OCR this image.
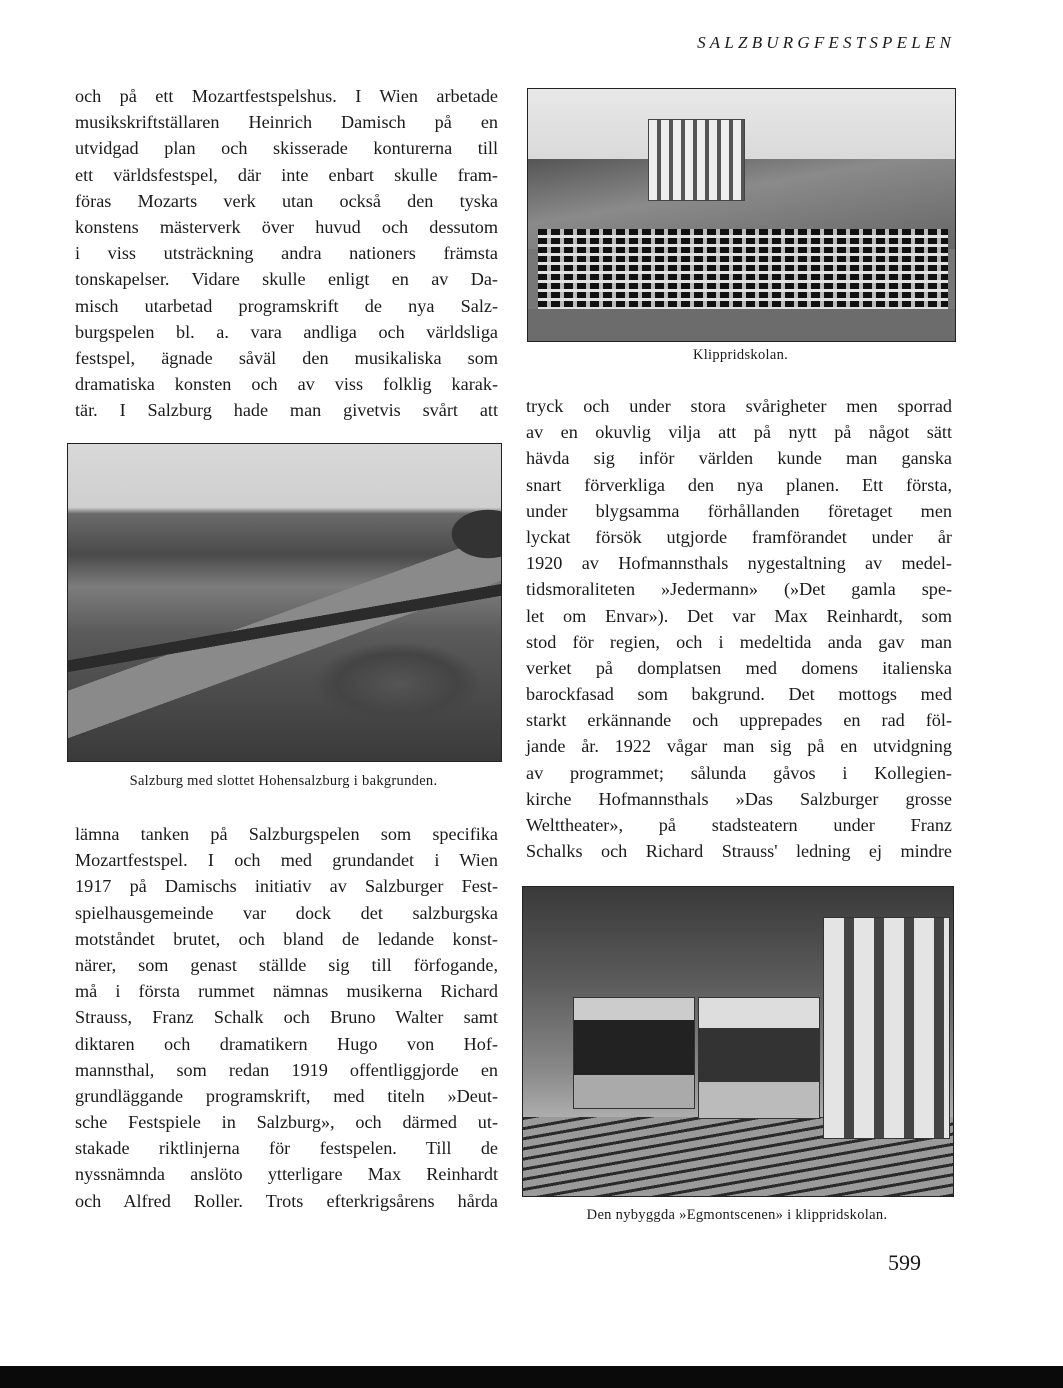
SALZBURGFESTSPELEN
och på ett Mozartfestspelshus. I Wien arbetade
musikskriftställaren Heinrich Damisch på en
utvidgad plan och skisserade konturerna till
ett världsfestspel, där inte enbart skulle fram-
föras Mozarts verk utan också den tyska
konstens mästerverk över huvud och dessutom
i viss utsträckning andra nationers främsta
tonskapelser. Vidare skulle enligt en av Da-
misch utarbetad programskrift de nya Salz-
burgspelen bl. a. vara andliga och världsliga
festspel, ägnade såväl den musikaliska som
dramatiska konsten och av viss folklig karak-
tär. I Salzburg hade man givetvis svårt att
Salzburg med slottet Hohensalzburg i bakgrunden.
lämna tanken på Salzburgspelen som specifika
Mozartfestspel. I och med grundandet i Wien
1917 på Damischs initiativ av Salzburger Fest-
spielhausgemeinde var dock det salzburgska
motståndet brutet, och bland de ledande konst-
närer, som genast ställde sig till förfogande,
må i första rummet nämnas musikerna Richard
Strauss, Franz Schalk och Bruno Walter samt
diktaren och dramatikern Hugo von Hof-
mannsthal, som redan 1919 offentliggjorde en
grundläggande programskrift, med titeln »Deut-
sche Festspiele in Salzburg», och därmed ut-
stakade riktlinjerna för festspelen. Till de
nyssnämnda anslöto ytterligare Max Reinhardt
och Alfred Roller. Trots efterkrigsårens hårda
Klippridskolan.
tryck och under stora svårigheter men sporrad
av en okuvlig vilja att på nytt på något sätt
hävda sig inför världen kunde man ganska
snart förverkliga den nya planen. Ett första,
under blygsamma förhållanden företaget men
lyckat försök utgjorde framförandet under år
1920 av Hofmannsthals nygestaltning av medel-
tidsmoraliteten »Jedermann» (»Det gamla spe-
let om Envar»). Det var Max Reinhardt, som
stod för regien, och i medeltida anda gav man
verket på domplatsen med domens italienska
barockfasad som bakgrund. Det mottogs med
starkt erkännande och upprepades en rad föl-
jande år. 1922 vågar man sig på en utvidgning
av programmet; sålunda gåvos i Kollegien-
kirche Hofmannsthals »Das Salzburger grosse
Welttheater», på stadsteatern under Franz
Schalks och Richard Strauss' ledning ej mindre
Den nybyggda »Egmontscenen» i klippridskolan.
599
